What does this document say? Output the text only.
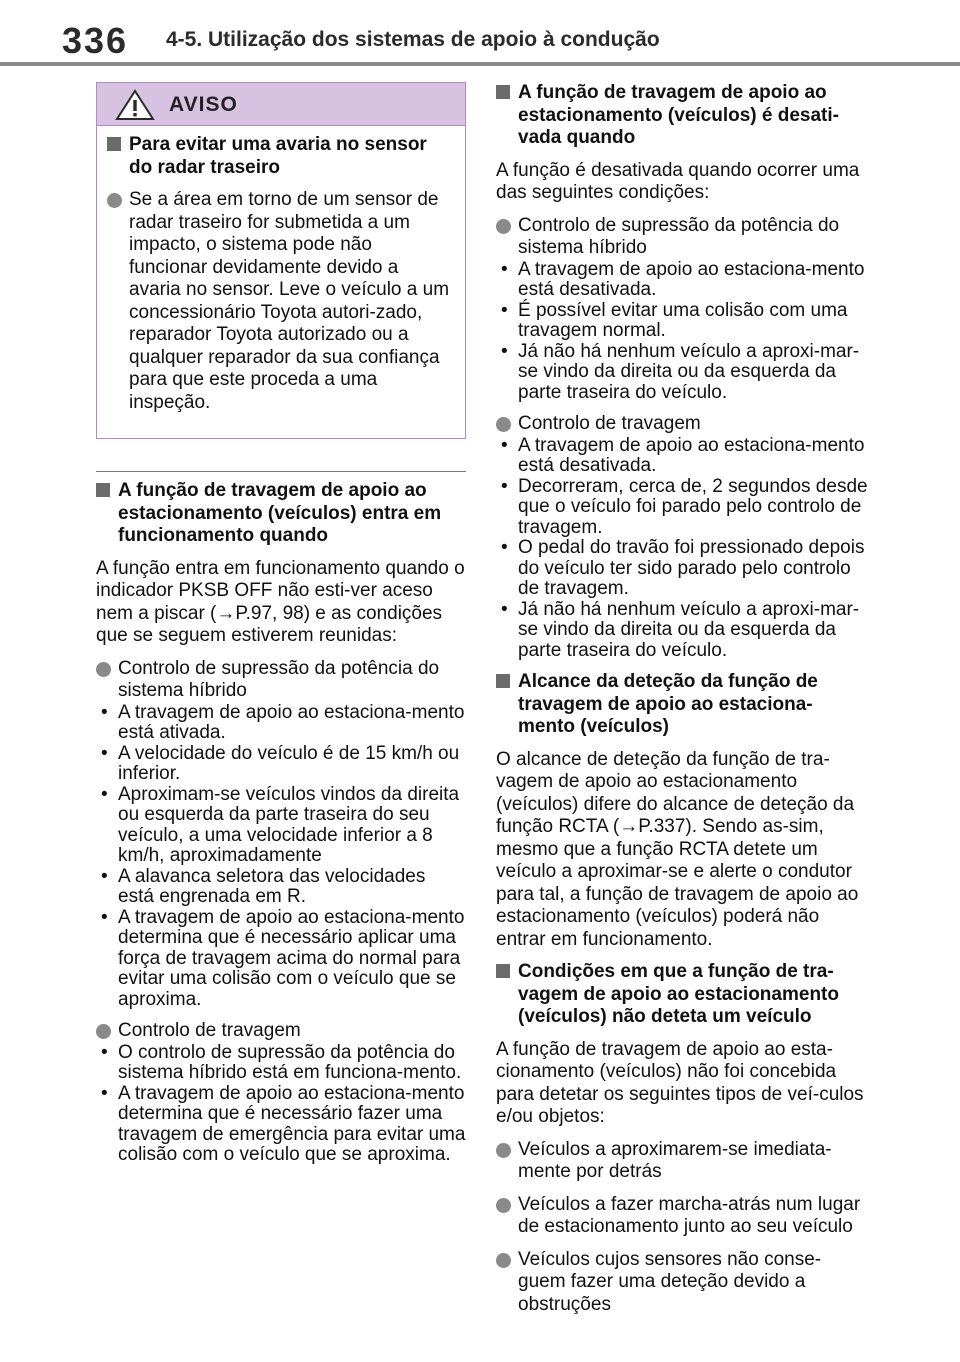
336 4-5. Utilização dos sistemas de apoio à condução
AVISO
Para evitar uma avaria no sensor do radar traseiro
Se a área em torno de um sensor de radar traseiro for submetida a um impacto, o sistema pode não funcionar devidamente devido a avaria no sensor. Leve o veículo a um concessionário Toyota autori-zado, reparador Toyota autorizado ou a qualquer reparador da sua confiança para que este proceda a uma inspeção.
A função de travagem de apoio ao estacionamento (veículos) entra em funcionamento quando
A função entra em funcionamento quando o indicador PKSB OFF não esti-ver aceso nem a piscar (→P.97, 98) e as condições que se seguem estiverem reunidas:
Controlo de supressão da potência do sistema híbrido
• A travagem de apoio ao estaciona-mento está ativada.
• A velocidade do veículo é de 15 km/h ou inferior.
• Aproximam-se veículos vindos da direita ou esquerda da parte traseira do seu veículo, a uma velocidade inferior a 8 km/h, aproximadamente
• A alavanca seletora das velocidades está engrenada em R.
• A travagem de apoio ao estaciona-mento determina que é necessário aplicar uma força de travagem acima do normal para evitar uma colisão com o veículo que se aproxima.
Controlo de travagem
• O controlo de supressão da potência do sistema híbrido está em funciona-mento.
• A travagem de apoio ao estaciona-mento determina que é necessário fazer uma travagem de emergência para evitar uma colisão com o veículo que se aproxima.
A função de travagem de apoio ao estacionamento (veículos) é desati-vada quando
A função é desativada quando ocorrer uma das seguintes condições:
Controlo de supressão da potência do sistema híbrido
• A travagem de apoio ao estaciona-mento está desativada.
• É possível evitar uma colisão com uma travagem normal.
• Já não há nenhum veículo a aproxi-mar-se vindo da direita ou da esquerda da parte traseira do veículo.
Controlo de travagem
• A travagem de apoio ao estaciona-mento está desativada.
• Decorreram, cerca de, 2 segundos desde que o veículo foi parado pelo controlo de travagem.
• O pedal do travão foi pressionado depois do veículo ter sido parado pelo controlo de travagem.
• Já não há nenhum veículo a aproxi-mar-se vindo da direita ou da esquerda da parte traseira do veículo.
Alcance da deteção da função de travagem de apoio ao estaciona-mento (veículos)
O alcance de deteção da função de tra-vagem de apoio ao estacionamento (veículos) difere do alcance de deteção da função RCTA (→P.337). Sendo as-sim, mesmo que a função RCTA detete um veículo a aproximar-se e alerte o condutor para tal, a função de travagem de apoio ao estacionamento (veículos) poderá não entrar em funcionamento.
Condições em que a função de tra-vagem de apoio ao estacionamento (veículos) não deteta um veículo
A função de travagem de apoio ao esta-cionamento (veículos) não foi concebida para detetar os seguintes tipos de veí-culos e/ou objetos:
Veículos a aproximarem-se imediata-mente por detrás
Veículos a fazer marcha-atrás num lugar de estacionamento junto ao seu veículo
Veículos cujos sensores não conse-guem fazer uma deteção devido a obstruções
